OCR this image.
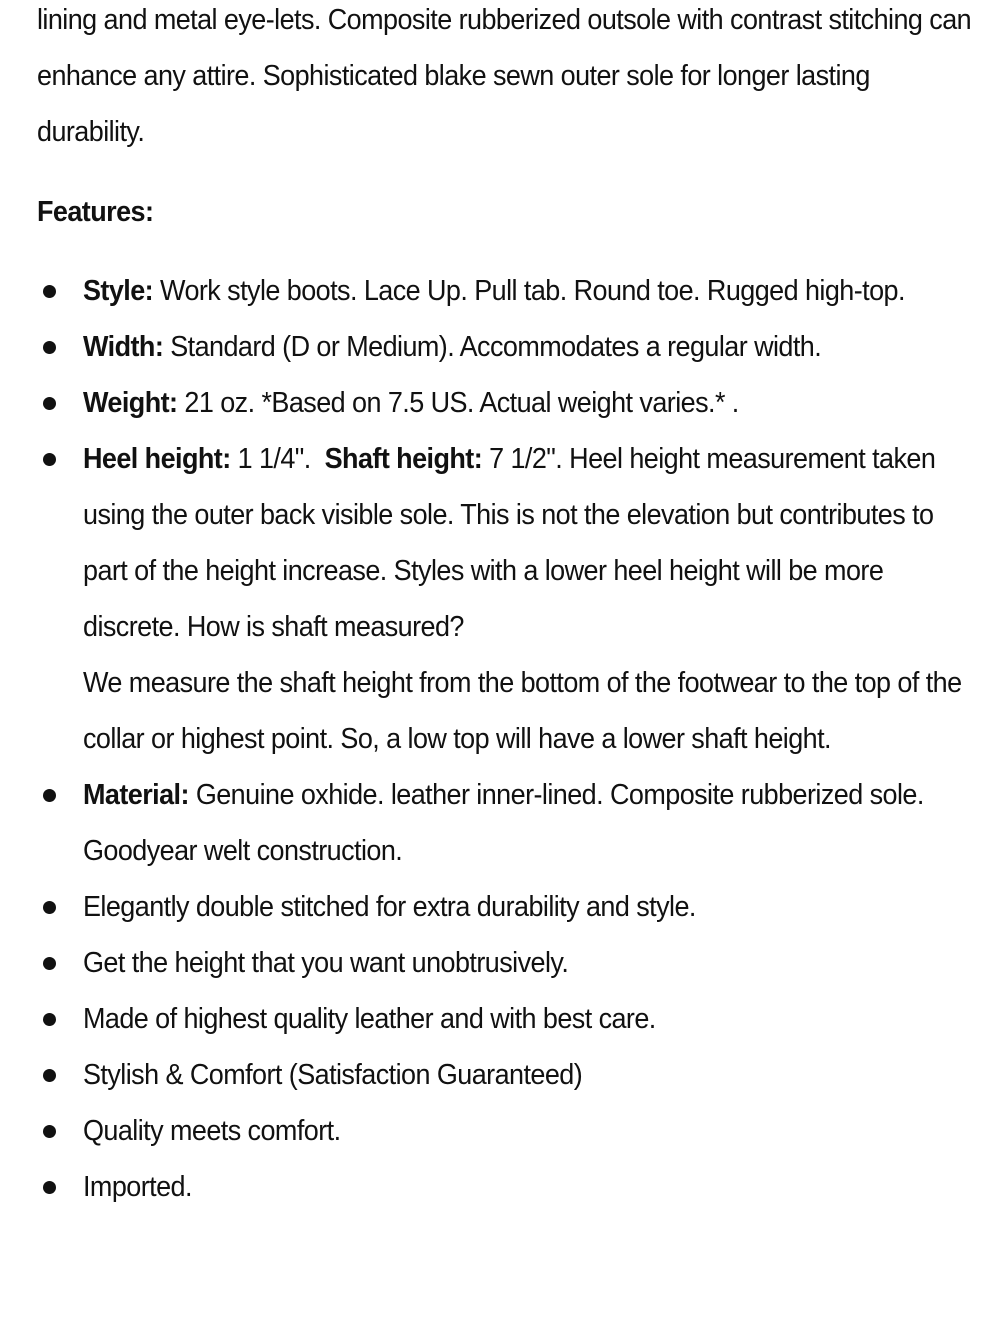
lining and metal eye-lets. Composite rubberized outsole with contrast stitching can enhance any attire. Sophisticated blake sewn outer sole for longer lasting durability.

Features:
Style: Work style boots. Lace Up. Pull tab. Round toe. Rugged high-top.
Width: Standard (D or Medium). Accommodates a regular width.
Weight: 21 oz. *Based on 7.5 US. Actual weight varies.* .
Heel height: 1 1/4".  Shaft height: 7 1/2". Heel height measurement taken using the outer back visible sole. This is not the elevation but contributes to part of the height increase. Styles with a lower heel height will be more discrete. How is shaft measured?
We measure the shaft height from the bottom of the footwear to the top of the collar or highest point. So, a low top will have a lower shaft height.
Material: Genuine oxhide. leather inner-lined. Composite rubberized sole. Goodyear welt construction.
Elegantly double stitched for extra durability and style.
Get the height that you want unobtrusively.
Made of highest quality leather and with best care.
Stylish & Comfort (Satisfaction Guaranteed)
Quality meets comfort.
Imported.
